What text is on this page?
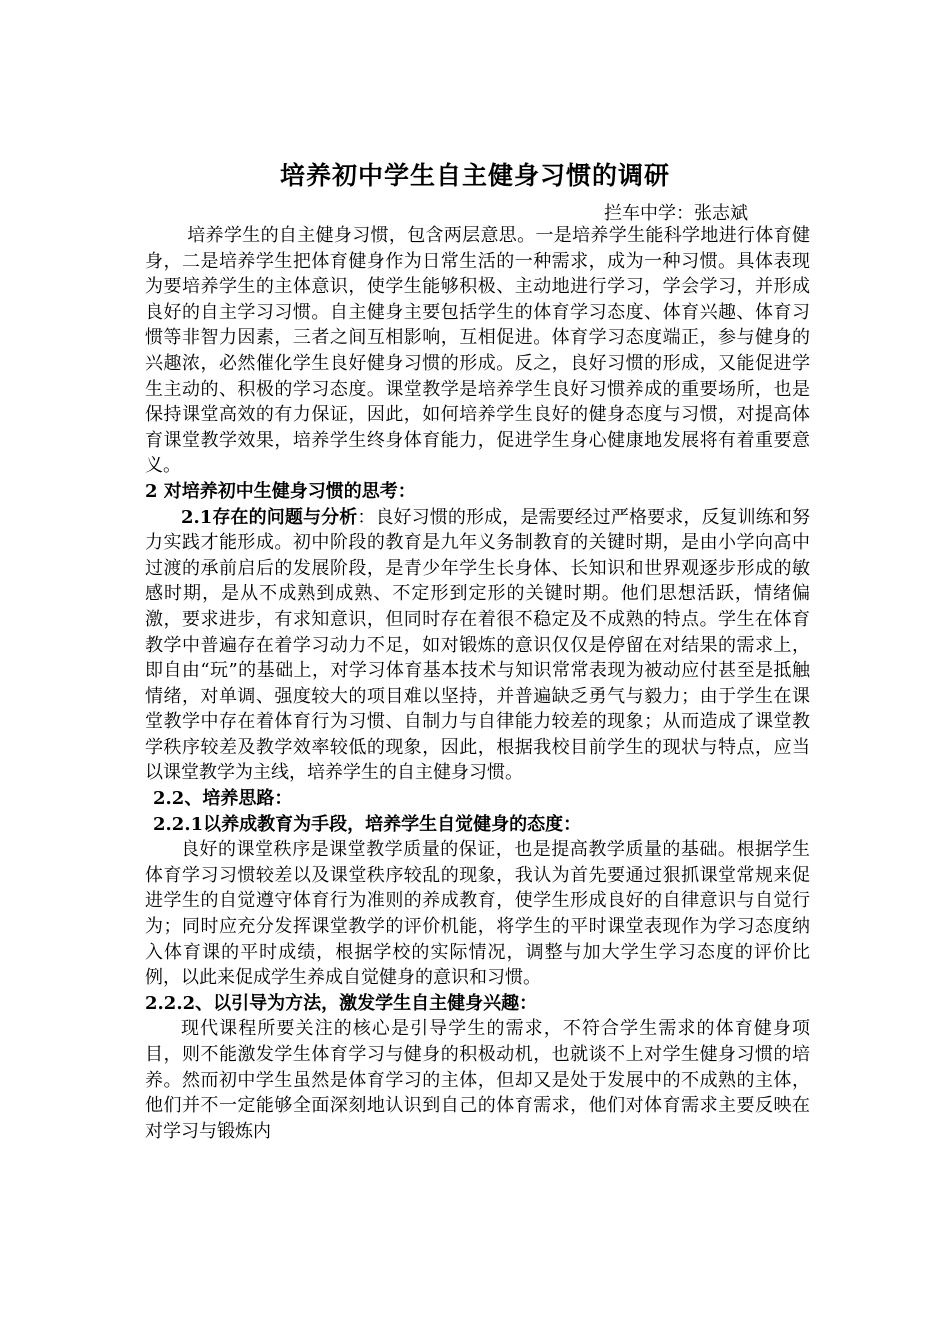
培养初中学生自主健身习惯的调研
拦车中学：张志斌

培养学生的自主健身习惯，包含两层意思。一是培养学生能科学地进行体育健身，二是培养学生把体育健身作为日常生活的一种需求，成为一种习惯。具体表现为要培养学生的主体意识，使学生能够积极、主动地进行学习，学会学习，并形成良好的自主学习习惯。自主健身主要包括学生的体育学习态度、体育兴趣、体育习惯等非智力因素，三者之间互相影响，互相促进。体育学习态度端正，参与健身的兴趣浓，必然催化学生良好健身习惯的形成。反之，良好习惯的形成，又能促进学生主动的、积极的学习态度。课堂教学是培养学生良好习惯养成的重要场所，也是保持课堂高效的有力保证，因此，如何培养学生良好的健身态度与习惯，对提高体育课堂教学效果，培养学生终身体育能力，促进学生身心健康地发展将有着重要意义。

2 对培养初中生健身习惯的思考：

2.1存在的问题与分析：良好习惯的形成，是需要经过严格要求，反复训练和努力实践才能形成。初中阶段的教育是九年义务制教育的关键时期，是由小学向高中过渡的承前启后的发展阶段，是青少年学生长身体、长知识和世界观逐步形成的敏感时期，是从不成熟到成熟、不定形到定形的关键时期。他们思想活跃，情绪偏激，要求进步，有求知意识，但同时存在着很不稳定及不成熟的特点。学生在体育教学中普遍存在着学习动力不足，如对锻炼的意识仅仅是停留在对结果的需求上，即自由“玩”的基础上，对学习体育基本技术与知识常常表现为被动应付甚至是抵触情绪，对单调、强度较大的项目难以坚持，并普遍缺乏勇气与毅力；由于学生在课堂教学中存在着体育行为习惯、自制力与自律能力较差的现象；从而造成了课堂教学秩序较差及教学效率较低的现象，因此，根据我校目前学生的现状与特点，应当以课堂教学为主线，培养学生的自主健身习惯。

2.2、培养思路：

2.2.1以养成教育为手段，培养学生自觉健身的态度：

良好的课堂秩序是课堂教学质量的保证，也是提高教学质量的基础。根据学生体育学习习惯较差以及课堂秩序较乱的现象，我认为首先要通过狠抓课堂常规来促进学生的自觉遵守体育行为准则的养成教育，使学生形成良好的自律意识与自觉行为；同时应充分发挥课堂教学的评价机能，将学生的平时课堂表现作为学习态度纳入体育课的平时成绩，根据学校的实际情况，调整与加大学生学习态度的评价比例，以此来促成学生养成自觉健身的意识和习惯。

2.2.2、以引导为方法，激发学生自主健身兴趣：

现代课程所要关注的核心是引导学生的需求，不符合学生需求的体育健身项目，则不能激发学生体育学习与健身的积极动机，也就谈不上对学生健身习惯的培养。然而初中学生虽然是体育学习的主体，但却又是处于发展中的不成熟的主体，他们并不一定能够全面深刻地认识到自己的体育需求，他们对体育需求主要反映在对学习与锻炼内
